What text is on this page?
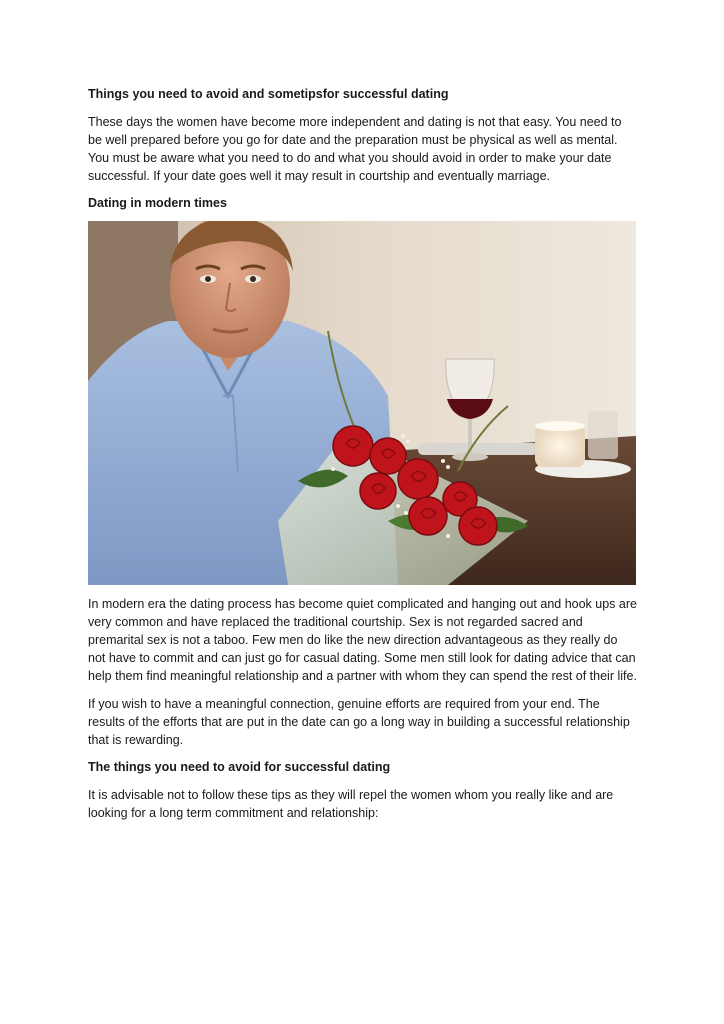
Things you need to avoid and sometipsfor successful dating

These days the women have become more independent and dating is not that easy. You need to be well prepared before you go for date and the preparation must be physical as well as mental. You must be aware what you need to do and what you should avoid in order to make your date successful. If your date goes well it may result in courtship and eventually marriage.

Dating in modern times

In modern era the dating process has become quiet complicated and hanging out and hook ups are very common and have replaced the traditional courtship. Sex is not regarded sacred and premarital sex is not a taboo. Few men do like the new direction advantageous as they really do not have to commit and can just go for casual dating. Some men still look for dating advice that can help them find meaningful relationship and a partner with whom they can spend the rest of their life.

If you wish to have a meaningful connection, genuine efforts are required from your end. The results of the efforts that are put in the date can go a long way in building a successful relationship that is rewarding.

The things you need to avoid for successful dating

It is advisable not to follow these tips as they will repel the women whom you really like and are looking for a long term commitment and relationship:
